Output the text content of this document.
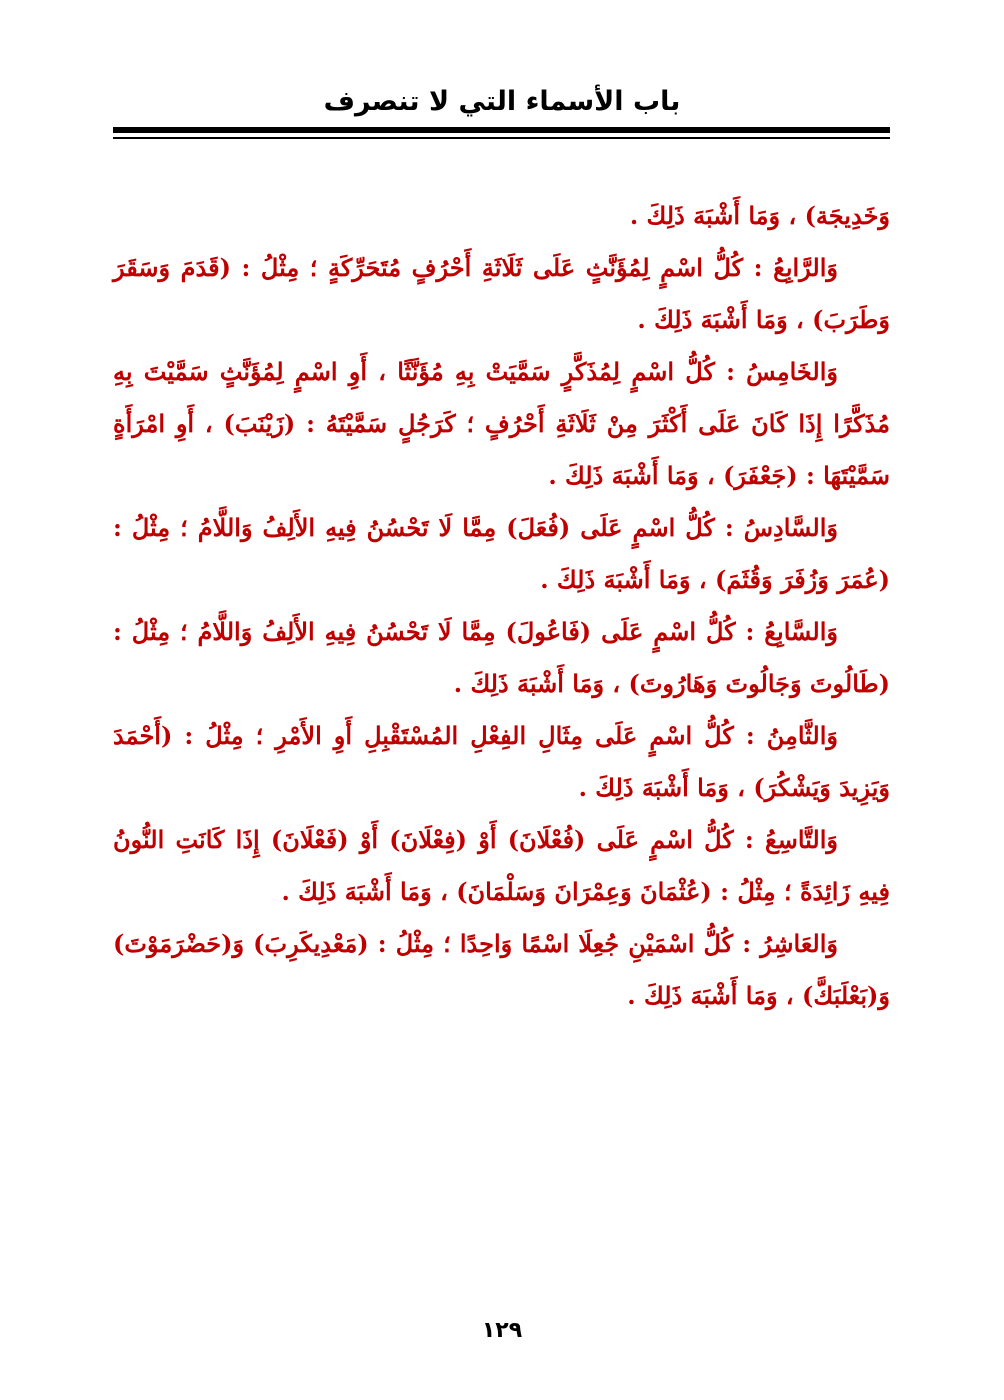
باب الأسماء التي لا تنصرف

وَخَدِيجَة) ، وَمَا أَشْبَهَ ذَلِكَ .

وَالرَّابِعُ : كُلُّ اسْمٍ لِمُؤَنَّثٍ عَلَى ثَلَاثَةِ أَحْرُفٍ مُتَحَرِّكَةٍ ؛ مِثْلُ : (قَدَمَ وَسَقَرَ وَطَرَبَ) ، وَمَا أَشْبَهَ ذَلِكَ .

وَالخَامِسُ : كُلُّ اسْمٍ لِمُذَكَّرٍ سَمَّيَتْ بِهِ مُؤَنَّثًا ، أَوِ اسْمٍ لِمُؤَنَّثٍ سَمَّيْتَ بِهِ مُذَكَّرًا إِذَا كَانَ عَلَى أَكْثَرَ مِنْ ثَلَاثَةِ أَحْرُفٍ ؛ كَرَجُلٍ سَمَّيْتَهُ : (زَيْنَبَ) ، أَوِ امْرَأَةٍ سَمَّيْتَهَا : (جَعْفَرَ) ، وَمَا أَشْبَهَ ذَلِكَ .

وَالسَّادِسُ : كُلُّ اسْمٍ عَلَى (فُعَلَ) مِمَّا لَا تَحْسُنُ فِيهِ الأَلِفُ وَاللَّامُ ؛ مِثْلُ : (عُمَرَ وَزُفَرَ وَقُثَمَ) ، وَمَا أَشْبَهَ ذَلِكَ .

وَالسَّابِعُ : كُلُّ اسْمٍ عَلَى (فَاعُولَ) مِمَّا لَا تَحْسُنُ فِيهِ الأَلِفُ وَاللَّامُ ؛ مِثْلُ : (طَالُوتَ وَجَالُوتَ وَهَارُوتَ) ، وَمَا أَشْبَهَ ذَلِكَ .

وَالثَّامِنُ : كُلُّ اسْمٍ عَلَى مِثَالِ الفِعْلِ المُسْتَقْبِلِ أَوِ الأَمْرِ ؛ مِثْلُ : (أَحْمَدَ وَيَزِيدَ وَيَشْكُرَ) ، وَمَا أَشْبَهَ ذَلِكَ .

وَالتَّاسِعُ : كُلُّ اسْمٍ عَلَى (فُعْلَانَ) أَوْ (فِعْلَانَ) أَوْ (فَعْلَانَ) إِذَا كَانَتِ النُّونُ فِيهِ زَائِدَةً ؛ مِثْلُ : (عُثْمَانَ وَعِمْرَانَ وَسَلْمَانَ) ، وَمَا أَشْبَهَ ذَلِكَ .

وَالعَاشِرُ : كُلُّ اسْمَيْنِ جُعِلَا اسْمًا وَاحِدًا ؛ مِثْلُ : (مَعْدِيكَرِبَ) وَ(حَضْرَمَوْتَ) وَ(بَعْلَبَكَّ) ، وَمَا أَشْبَهَ ذَلِكَ .

١٢٩
